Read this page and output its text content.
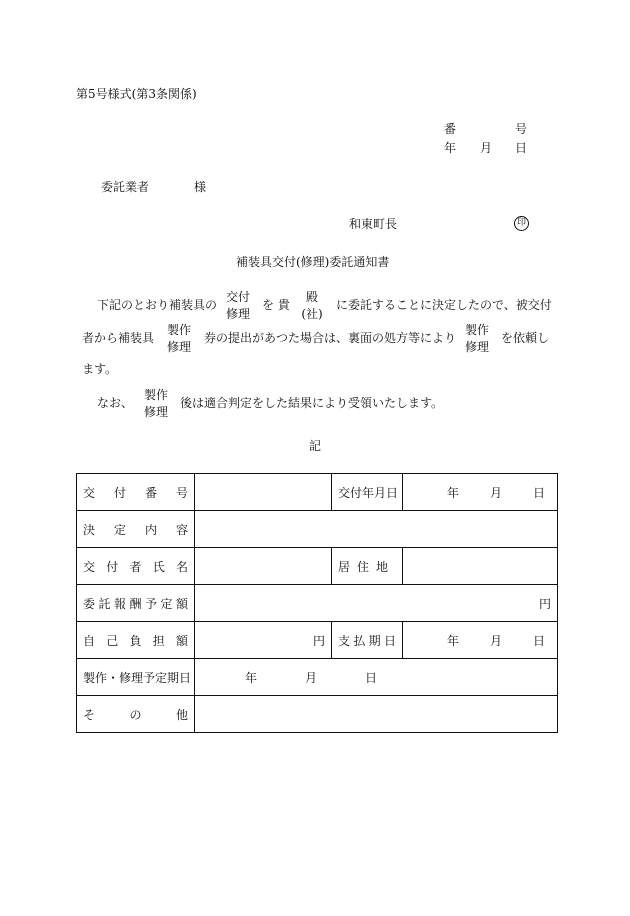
第5号様式(第3条関係)
番	号
年 月 日
委託業者	様
和東町長	印
補装具交付(修理)委託通知書
下記のとおり補装具の
交付
修理
を 貴
殿
(社)
に委託することに決定したので、被交付
者から補装具
製作
修理
券の提出があつた場合は、裏面の処方等により
製作
修理
を依頼し
ます。
なお、
製作
修理
後は適合判定をした結果により受領いたします。
記
交付番号		交付年月日	年 月 日

決定内容			
交付者氏名		居住地	
委託報酬予定額	円		
自己負担額	円	支払期日	年 月 日

製作・修理予定期日	年 月 日		

その他			
